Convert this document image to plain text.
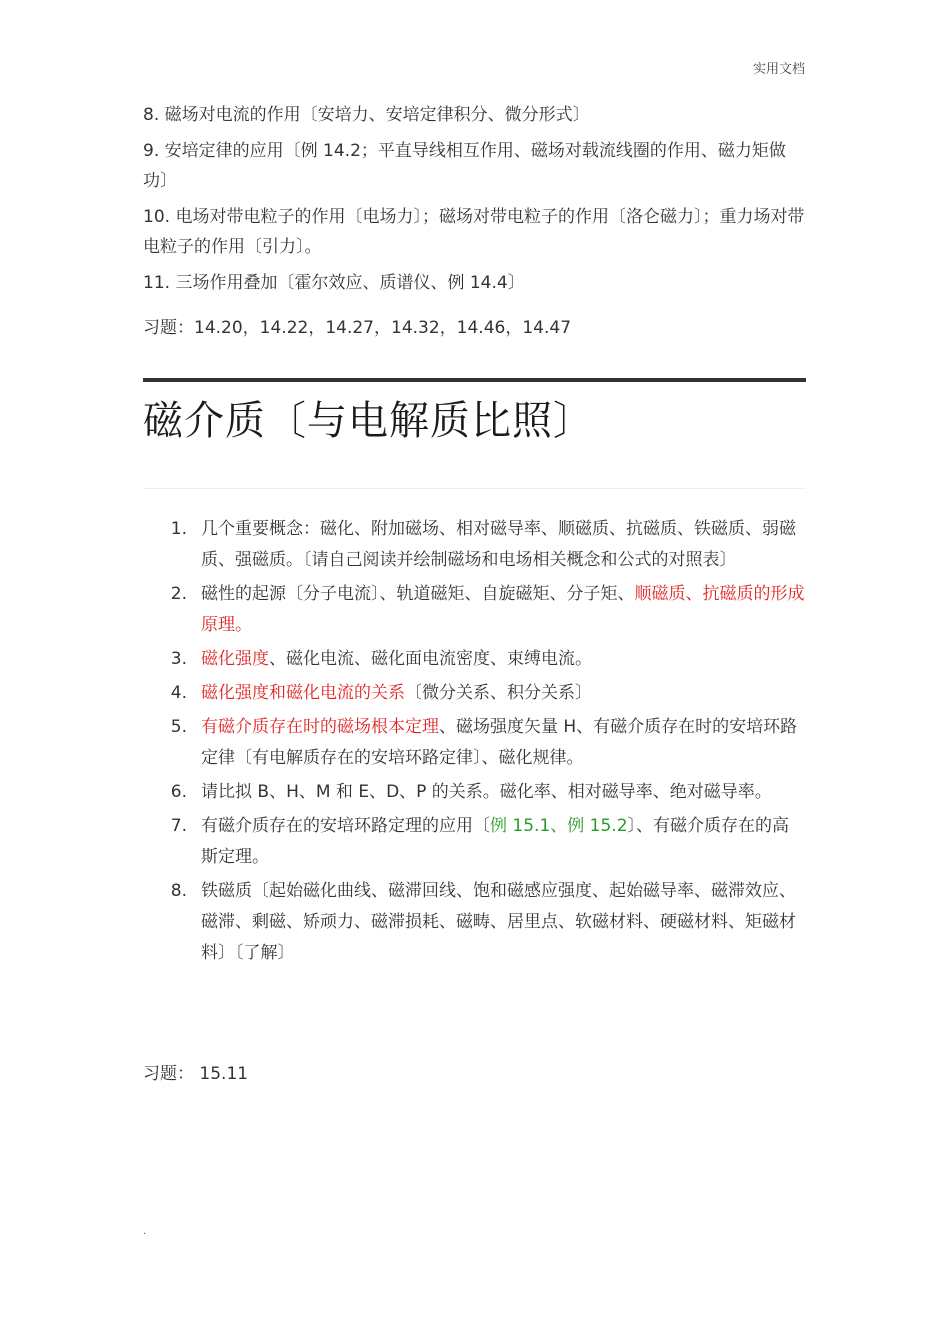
实用文档
8. 磁场对电流的作用〔安培力、安培定律积分、微分形式〕
9. 安培定律的应用〔例 14.2；平直导线相互作用、磁场对载流线圈的作用、磁力矩做功〕
10. 电场对带电粒子的作用〔电场力〕；磁场对带电粒子的作用〔洛仑磁力〕；重力场对带电粒子的作用〔引力〕。
11. 三场作用叠加〔霍尔效应、质谱仪、例 14.4〕
习题：14.20，14.22，14.27，14.32，14.46，14.47
磁介质〔与电解质比照〕
1. 几个重要概念：磁化、附加磁场、相对磁导率、顺磁质、抗磁质、铁磁质、弱磁质、强磁质。〔请自己阅读并绘制磁场和电场相关概念和公式的对照表〕
2. 磁性的起源〔分子电流〕、轨道磁矩、自旋磁矩、分子矩、顺磁质、抗磁质的形成原理。
3. 磁化强度、磁化电流、磁化面电流密度、束缚电流。
4. 磁化强度和磁化电流的关系〔微分关系、积分关系〕
5. 有磁介质存在时的磁场根本定理、磁场强度矢量 H、有磁介质存在时的安培环路定律〔有电解质存在的安培环路定律〕、磁化规律。
6. 请比拟 B、H、M 和 E、D、P 的关系。磁化率、相对磁导率、绝对磁导率。
7. 有磁介质存在的安培环路定理的应用〔例 15.1、例 15.2〕、有磁介质存在的高斯定理。
8. 铁磁质〔起始磁化曲线、磁滞回线、饱和磁感应强度、起始磁导率、磁滞效应、磁滞、剩磁、矫顽力、磁滞损耗、磁畴、居里点、软磁材料、硬磁材料、矩磁材料〕〔了解〕
习题： 15.11
.
